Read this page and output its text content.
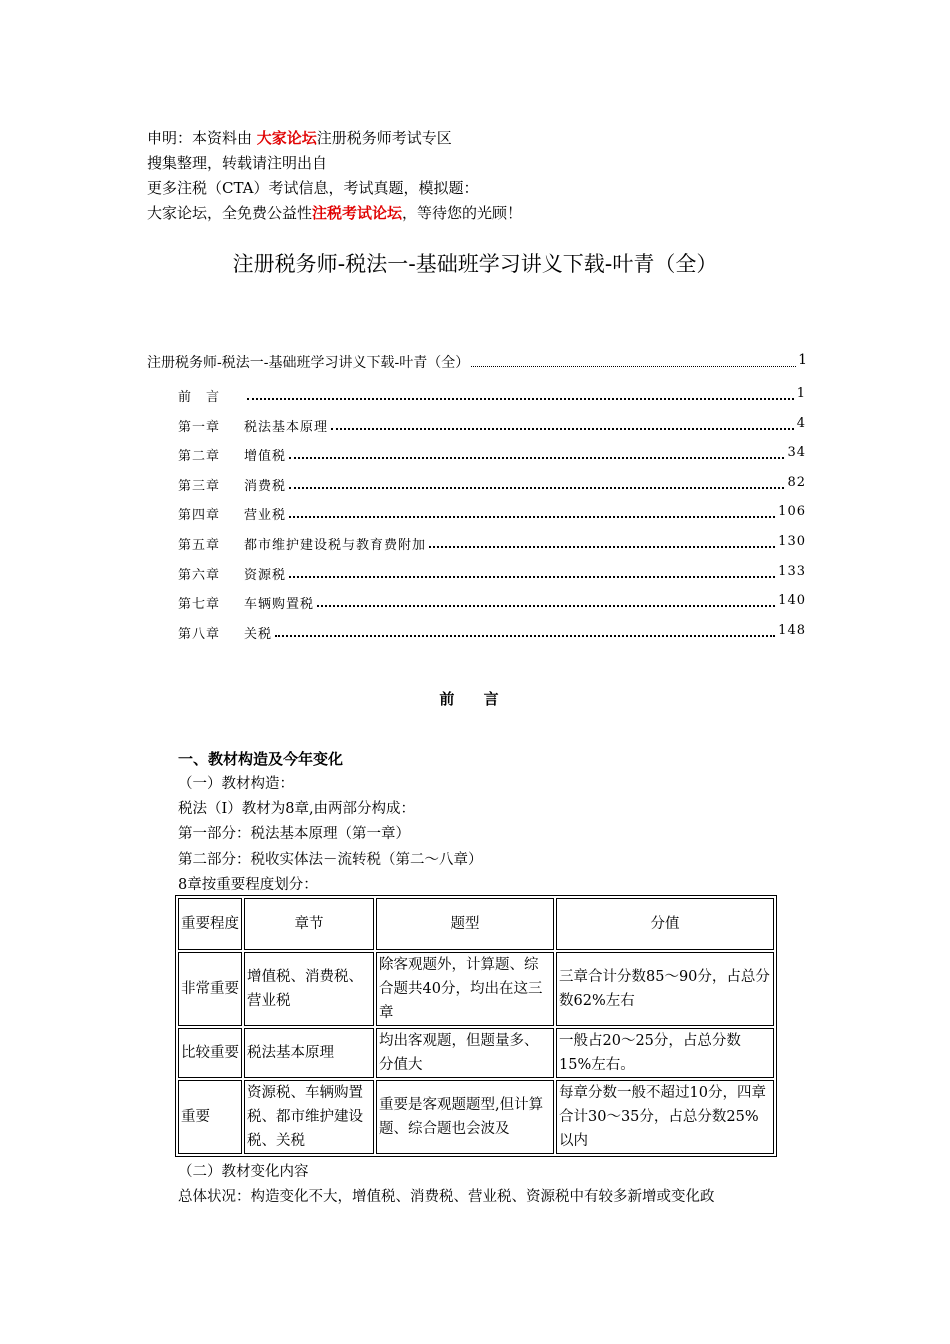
申明：本资料由 大家论坛注册税务师考试专区
搜集整理，转载请注明出自
更多注税（CTA）考试信息，考试真题，模拟题：
大家论坛，全免费公益性注税考试论坛，等待您的光顾！
注册税务师-税法一-基础班学习讲义下载-叶青（全）
注册税务师-税法一-基础班学习讲义下载-叶青（全）	1
前　言	1
第一章	税法基本原理	4
第二章	增值税	34
第三章	消费税	82
第四章	营业税	106
第五章	都市维护建设税与教育费附加	130
第六章	资源税	133
第七章	车辆购置税	140
第八章	关税	148
前 言
一、教材构造及今年变化
（一）教材构造：
税法（Ⅰ）教材为8章,由两部分构成：
第一部分：税法基本原理（第一章）
第二部分：税收实体法－流转税（第二～八章）
8章按重要程度划分：
重要程度	章节	题型	分值
非常重要	增值税、消费税、营业税	除客观题外，计算题、综合题共40分，均出在这三章	三章合计分数85～90分，占总分数62%左右
比较重要	税法基本原理	均出客观题，但题量多、分值大	一般占20～25分，占总分数15%左右。
重要	资源税、车辆购置税、都市维护建设税、关税	重要是客观题题型,但计算题、综合题也会波及	每章分数一般不超过10分，四章合计30～35分，占总分数25%以内
（二）教材变化内容
总体状况：构造变化不大，增值税、消费税、营业税、资源税中有较多新增或变化政
